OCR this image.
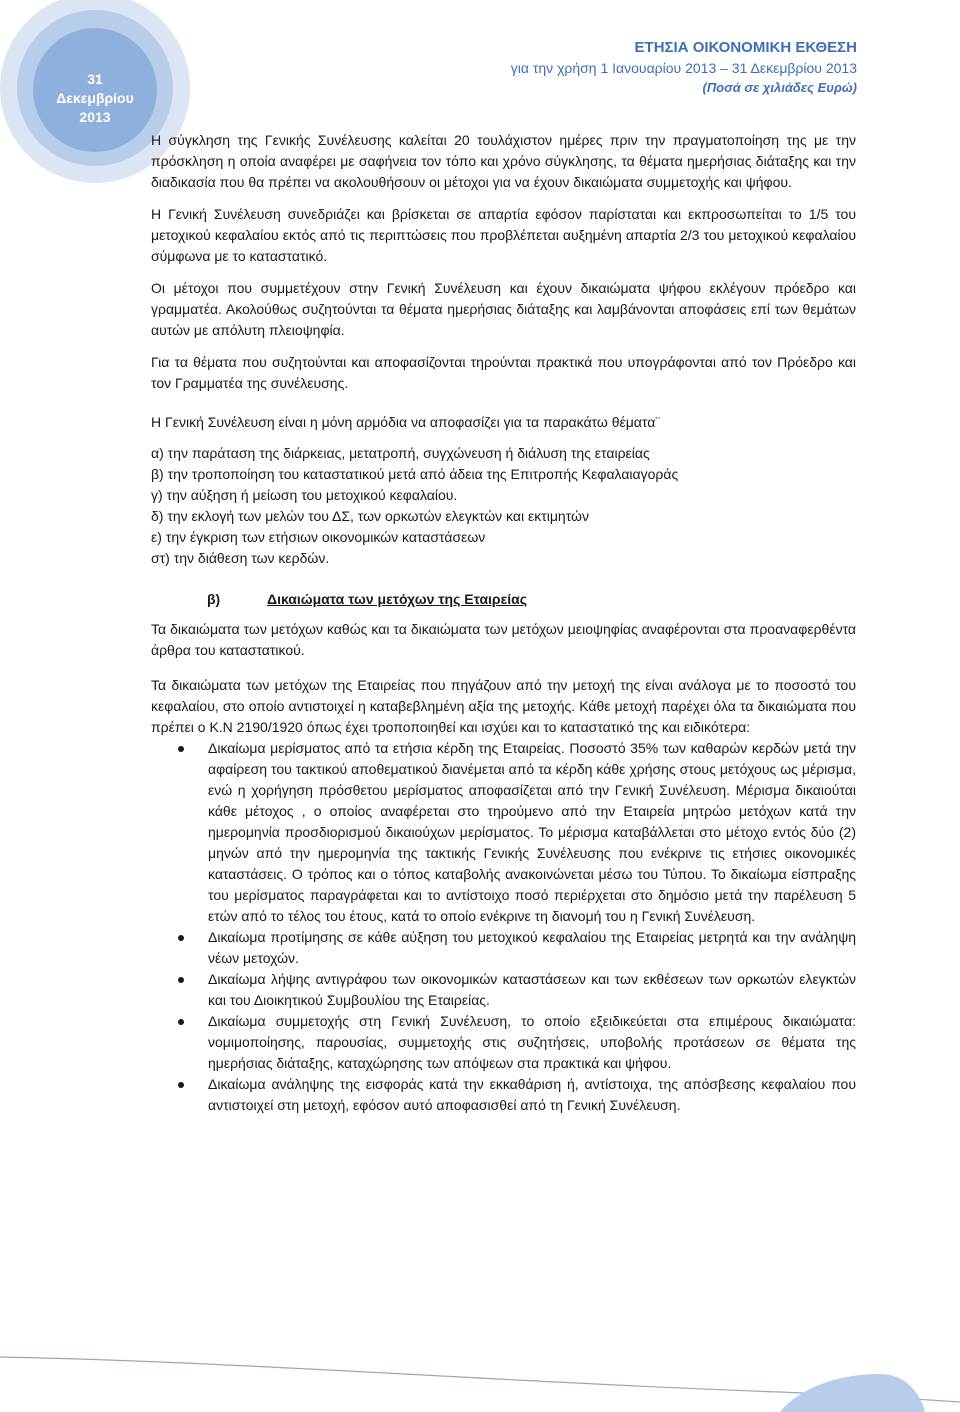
31
Δεκεμβρίου
2013
ΕΤΗΣΙΑ ΟΙΚΟΝΟΜΙΚΗ ΕΚΘΕΣΗ
για την χρήση 1 Ιανουαρίου 2013 – 31 Δεκεμβρίου 2013
(Ποσά σε χιλιάδες Ευρώ)

Η σύγκληση της Γενικής Συνέλευσης καλείται 20 τουλάχιστον ημέρες πριν την πραγματοποίηση της με την πρόσκληση η οποία αναφέρει με σαφήνεια τον τόπο και χρόνο σύγκλησης, τα θέματα ημερήσιας διάταξης και την διαδικασία που θα πρέπει να ακολουθήσουν οι μέτοχοι για να έχουν δικαιώματα συμμετοχής και ψήφου.

Η Γενική Συνέλευση συνεδριάζει και βρίσκεται σε απαρτία εφόσον παρίσταται και εκπροσωπείται το 1/5 του μετοχικού κεφαλαίου εκτός από τις περιπτώσεις που προβλέπεται αυξημένη απαρτία 2/3 του μετοχικού κεφαλαίου σύμφωνα με το καταστατικό.

Οι μέτοχοι που συμμετέχουν στην Γενική Συνέλευση και έχουν δικαιώματα ψήφου εκλέγουν πρόεδρο και γραμματέα. Ακολούθως συζητούνται τα θέματα ημερήσιας διάταξης και λαμβάνονται αποφάσεις επί των θεμάτων αυτών με απόλυτη πλειοψηφία.

Για τα θέματα που συζητούνται και αποφασίζονται τηρούνται πρακτικά που υπογράφονται από τον Πρόεδρο και τον Γραμματέα της συνέλευσης.

Η Γενική Συνέλευση είναι η μόνη αρμόδια να αποφασίζει για τα παρακάτω θέματα¨

α) την παράταση της διάρκειας, μετατροπή, συγχώνευση ή διάλυση της εταιρείας

β) την τροποποίηση του καταστατικού μετά από άδεια της Επιτροπής Κεφαλαιαγοράς

γ) την αύξηση ή μείωση του μετοχικού κεφαλαίου.

δ) την εκλογή των μελών του ΔΣ, των ορκωτών ελεγκτών και εκτιμητών

ε) την έγκριση των ετήσιων οικονομικών καταστάσεων

στ) την διάθεση των κερδών.

β)	Δικαιώματα των μετόχων της Εταιρείας

Τα δικαιώματα των μετόχων καθώς και τα δικαιώματα των μετόχων μειοψηφίας αναφέρονται στα προαναφερθέντα άρθρα του καταστατικού.

Τα δικαιώματα των μετόχων της Εταιρείας που πηγάζουν από την μετοχή της είναι ανάλογα με το ποσοστό του κεφαλαίου, στο οποίο αντιστοιχεί η καταβεβλημένη αξία της μετοχής. Κάθε μετοχή παρέχει όλα τα δικαιώματα που πρέπει ο Κ.Ν 2190/1920 όπως έχει τροποποιηθεί και ισχύει και το καταστατικό της και ειδικότερα:

Δικαίωμα μερίσματος από τα ετήσια κέρδη της Εταιρείας. Ποσοστό 35% των καθαρών κερδών μετά την αφαίρεση του τακτικού αποθεματικού διανέμεται από τα κέρδη κάθε χρήσης στους μετόχους ως μέρισμα, ενώ η χορήγηση πρόσθετου μερίσματος αποφασίζεται από την Γενική Συνέλευση. Μέρισμα δικαιούται κάθε μέτοχος , ο οποίος αναφέρεται στο τηρούμενο από την Εταιρεία μητρώο μετόχων κατά την ημερομηνία προσδιορισμού δικαιούχων μερίσματος. Το μέρισμα καταβάλλεται στο μέτοχο εντός δύο (2) μηνών από την ημερομηνία της τακτικής Γενικής Συνέλευσης που ενέκρινε τις ετήσιες οικονομικές καταστάσεις. Ο τρόπος και ο τόπος καταβολής ανακοινώνεται μέσω του Τύπου. Το δικαίωμα είσπραξης του μερίσματος παραγράφεται και το αντίστοιχο ποσό περιέρχεται στο δημόσιο μετά την παρέλευση 5 ετών από το τέλος του έτους, κατά το οποίο ενέκρινε τη διανομή του η Γενική Συνέλευση.
Δικαίωμα προτίμησης σε κάθε αύξηση του μετοχικού κεφαλαίου της Εταιρείας μετρητά και την ανάληψη νέων μετοχών.
Δικαίωμα λήψης αντιγράφου των οικονομικών καταστάσεων και των εκθέσεων των ορκωτών ελεγκτών και του Διοικητικού Συμβουλίου της Εταιρείας.
Δικαίωμα συμμετοχής στη Γενική Συνέλευση, το οποίο εξειδικεύεται στα επιμέρους δικαιώματα: νομιμοποίησης, παρουσίας, συμμετοχής στις συζητήσεις, υποβολής προτάσεων σε θέματα της ημερήσιας διάταξης, καταχώρησης των απόψεων στα πρακτικά και ψήφου.
Δικαίωμα ανάληψης της εισφοράς κατά την εκκαθάριση ή, αντίστοιχα, της απόσβεσης κεφαλαίου που αντιστοιχεί στη μετοχή, εφόσον αυτό αποφασισθεί από τη Γενική Συνέλευση.
